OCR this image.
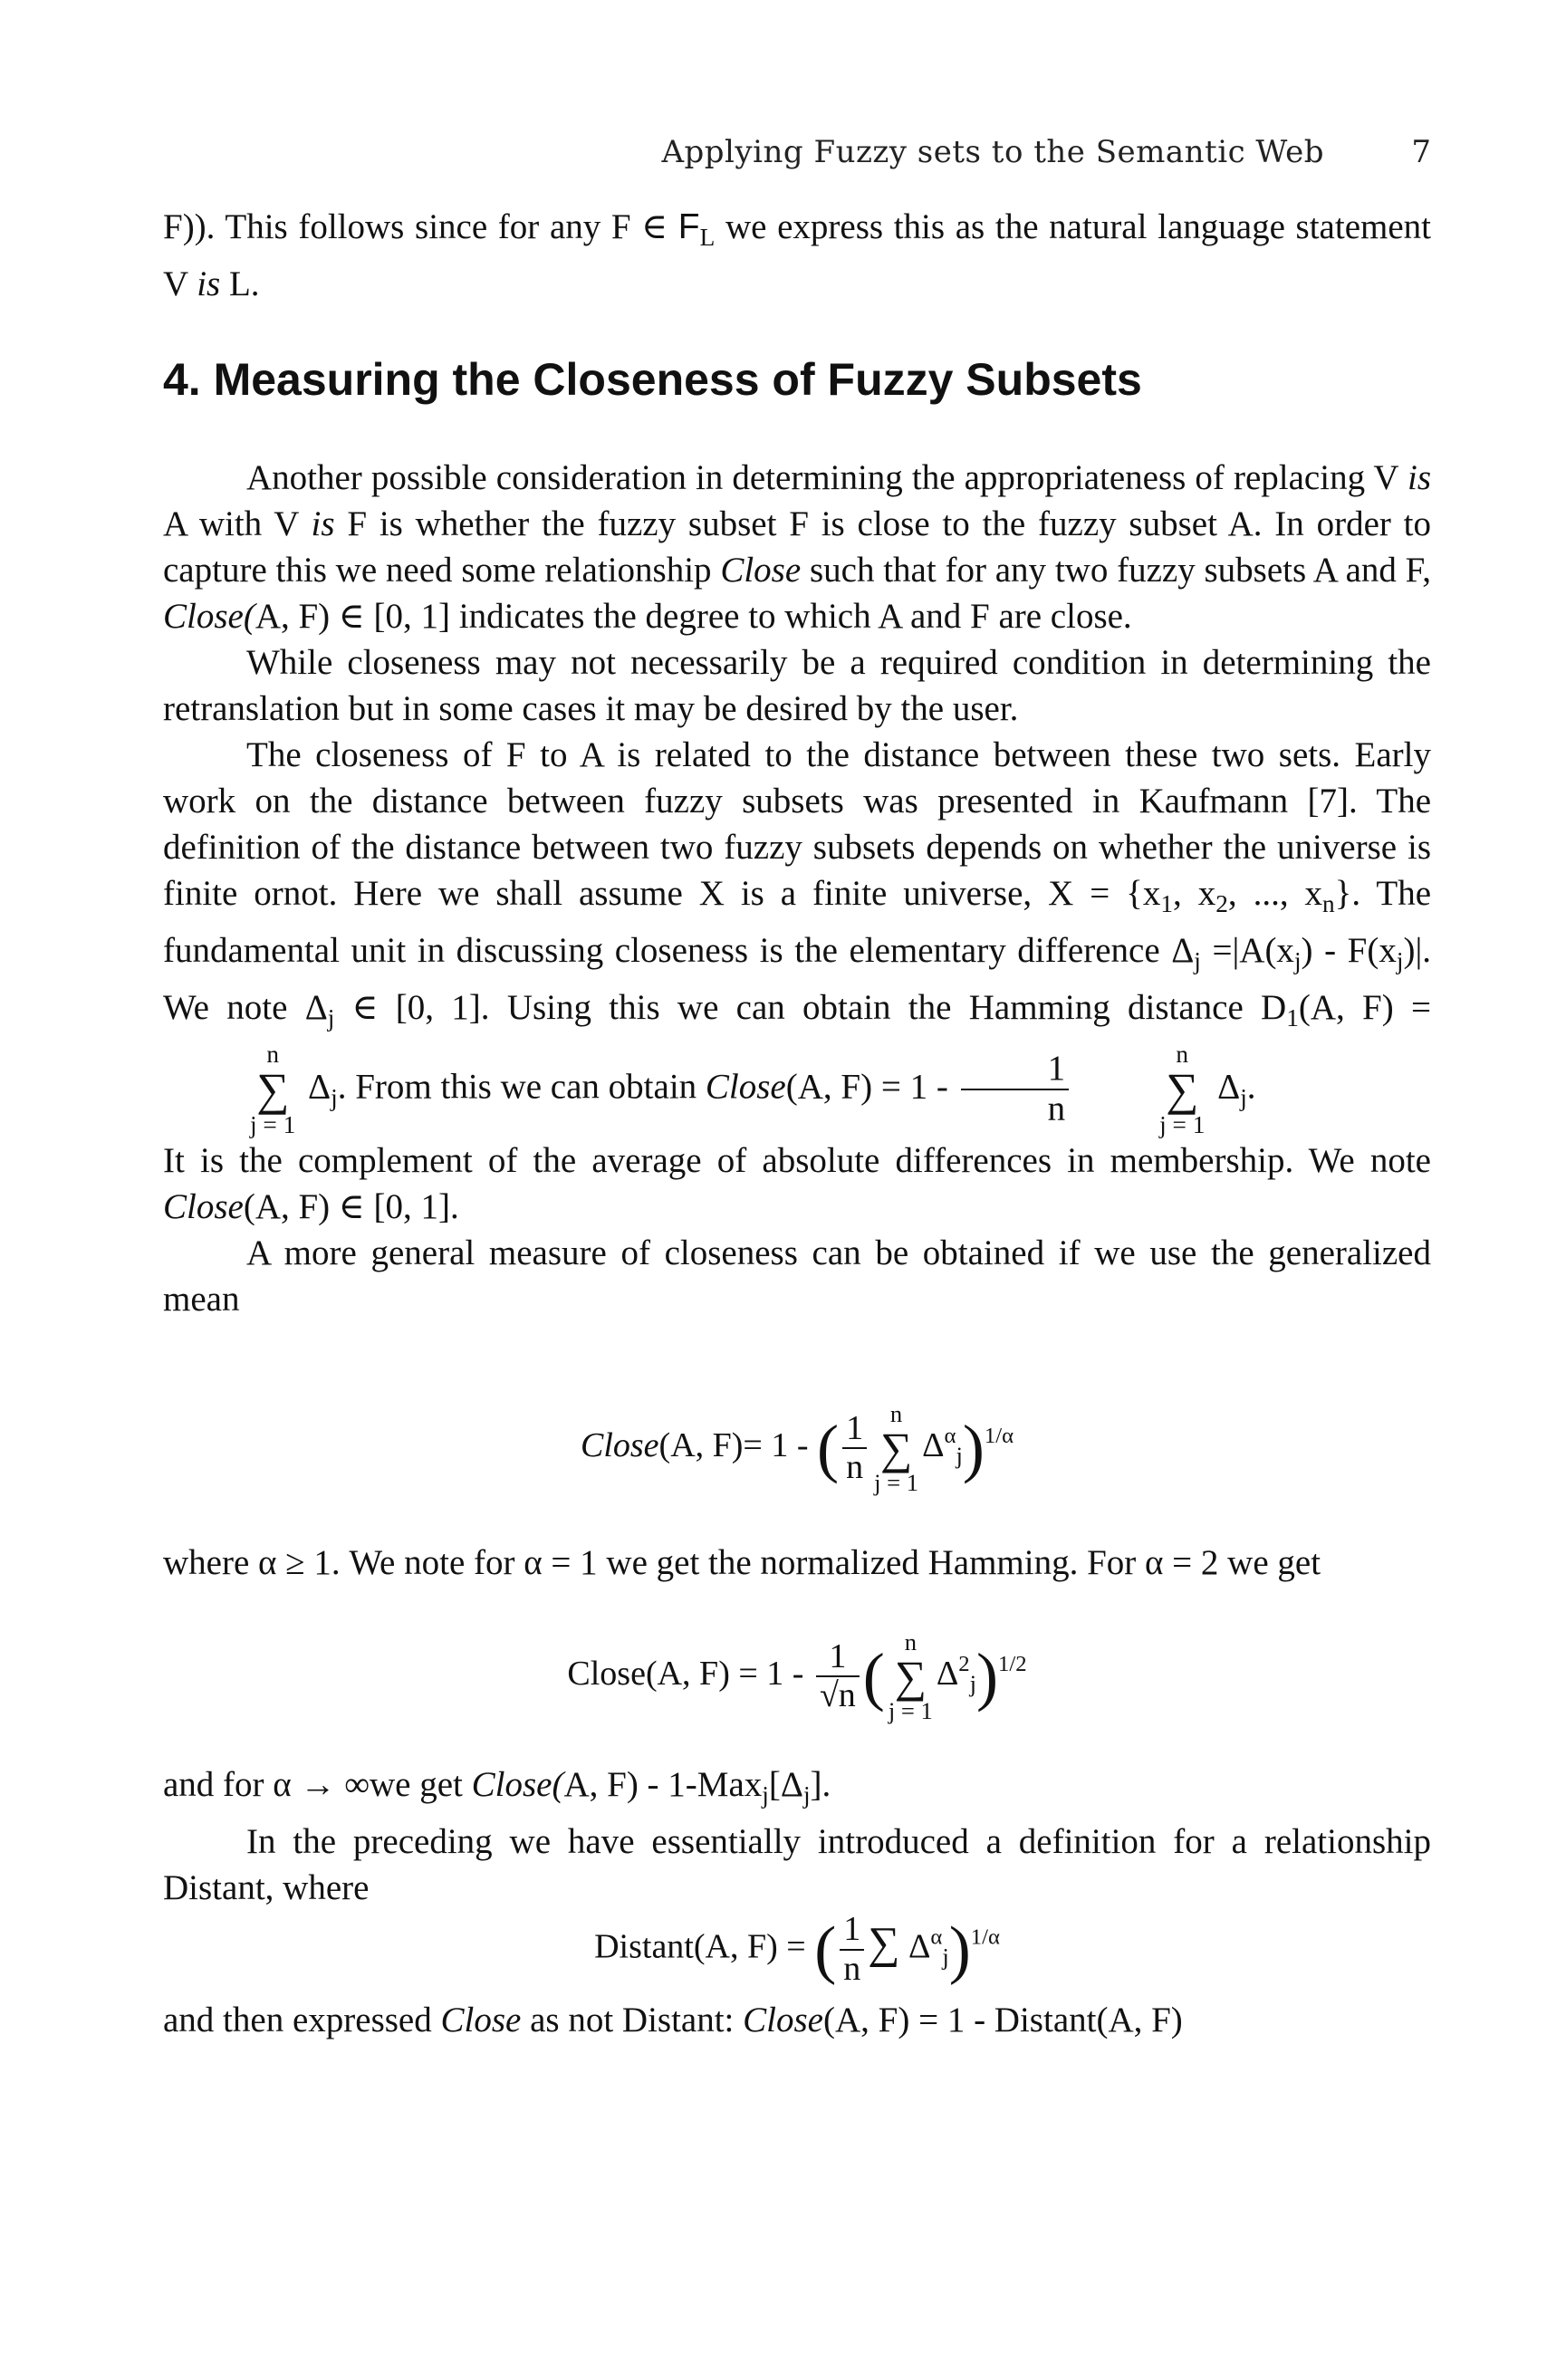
Applying Fuzzy sets to the Semantic Web	7

F)). This follows since for any F ∈ $F_L$ we express this as the natural language statement V is L.

4. Measuring the Closeness of Fuzzy Subsets

Another possible consideration in determining the appropriateness of replacing V is A with V is F is whether the fuzzy subset F is close to the fuzzy subset A. In order to capture this we need some relationship Close such that for any two fuzzy subsets A and F, Close(A, F) ∈ [0, 1] indicates the degree to which A and F are close.

While closeness may not necessarily be a required condition in determining the retranslation but in some cases it may be desired by the user.

The closeness of F to A is related to the distance between these two sets. Early work on the distance between fuzzy subsets was presented in Kaufmann [7]. The definition of the distance between two fuzzy subsets depends on whether the universe is finite ornot. Here we shall assume X is a finite universe, $X = \{x_1$, $x_2$, ..., $x_n$}. The fundamental unit in discussing closeness is the elementary difference $\Delta_j =|A(x_j) - F(x_j)|$. We note $\Delta_j$ ∈ [0, 1]. Using this we can obtain the Hamming distance $D_1(A$, F) =
n
∑
j = 1
$\Delta_j$. From this we can obtain Close(A, $F) = 1 - \frac{1}{n}$	n
∑
j = 1
$\Delta_j$.

It is the complement of the average of absolute differences in membership. We note Close(A, F) ∈ [0, 1].

A more general measure of closeness can be obtained if we use the generalized mean

Close(A, F)= 1 - ( $\frac{1}{n}$ n
∑
j = 1
$\Delta^\alpha_j)^{1/\alpha}$

where α ≥ 1. We note for α = 1 we get the normalized Hamming. For α = 2 we get

Close(A, $F) = 1 - \frac{1}{√n}$ ( n
∑
j = 1
$\Delta^2_j)^{1/2}$

and for α → ∞we get Close(A, $F) - 1-Max_j[\Delta_j]$.

In the preceding we have essentially introduced a definition for a relationship Distant, where

Distant(A, F) = ( $\frac{1}{n}$ ∑ $\Delta^\alpha_j)^{1/\alpha}$

and then expressed Close as not Distant: Close(A, F) = 1 - Distant(A, F)
